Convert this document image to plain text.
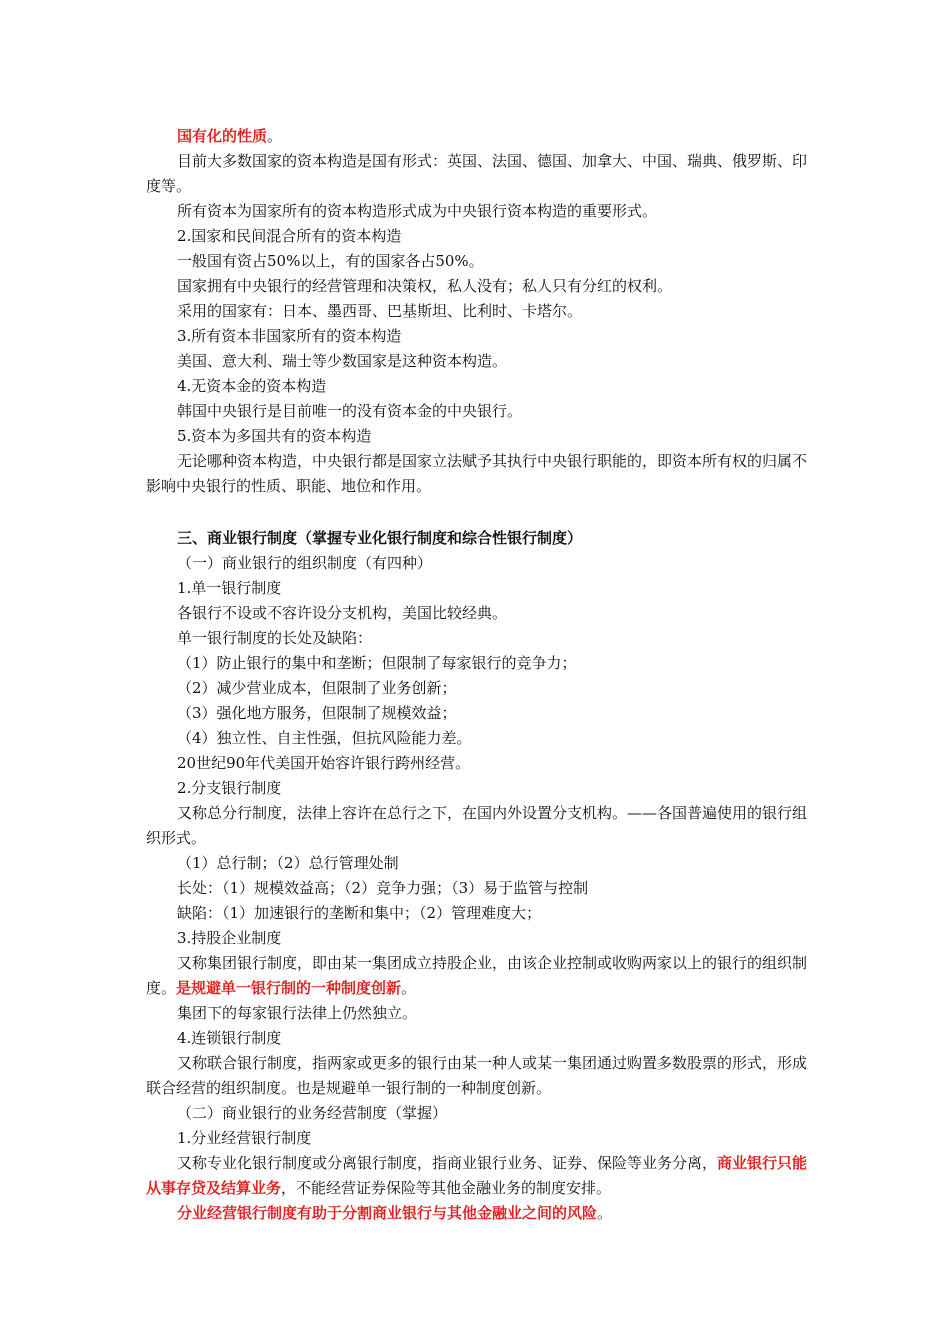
国有化的性质。
目前大多数国家的资本构造是国有形式：英国、法国、德国、加拿大、中国、瑞典、俄罗斯、印度等。
所有资本为国家所有的资本构造形式成为中央银行资本构造的重要形式。
2.国家和民间混合所有的资本构造
一般国有资占50%以上，有的国家各占50%。
国家拥有中央银行的经营管理和决策权，私人没有；私人只有分红的权利。
采用的国家有：日本、墨西哥、巴基斯坦、比利时、卡塔尔。
3.所有资本非国家所有的资本构造
美国、意大利、瑞士等少数国家是这种资本构造。
4.无资本金的资本构造
韩国中央银行是目前唯一的没有资本金的中央银行。
5.资本为多国共有的资本构造
无论哪种资本构造，中央银行都是国家立法赋予其执行中央银行职能的，即资本所有权的归属不影响中央银行的性质、职能、地位和作用。
三、商业银行制度（掌握专业化银行制度和综合性银行制度）
（一）商业银行的组织制度（有四种）
1.单一银行制度
各银行不设或不容许设分支机构，美国比较经典。
单一银行制度的长处及缺陷：
（1）防止银行的集中和垄断；但限制了每家银行的竞争力；
（2）减少营业成本，但限制了业务创新；
（3）强化地方服务，但限制了规模效益；
（4）独立性、自主性强，但抗风险能力差。
20世纪90年代美国开始容许银行跨州经营。
2.分支银行制度
又称总分行制度，法律上容许在总行之下，在国内外设置分支机构。——各国普遍使用的银行组织形式。
（1）总行制；（2）总行管理处制
长处：（1）规模效益高；（2）竞争力强；（3）易于监管与控制
缺陷：（1）加速银行的垄断和集中；（2）管理难度大；
3.持股企业制度
又称集团银行制度，即由某一集团成立持股企业，由该企业控制或收购两家以上的银行的组织制度。是规避单一银行制的一种制度创新。
集团下的每家银行法律上仍然独立。
4.连锁银行制度
又称联合银行制度，指两家或更多的银行由某一种人或某一集团通过购置多数股票的形式，形成联合经营的组织制度。也是规避单一银行制的一种制度创新。
（二）商业银行的业务经营制度（掌握）
1.分业经营银行制度
又称专业化银行制度或分离银行制度，指商业银行业务、证券、保险等业务分离，商业银行只能从事存贷及结算业务，不能经营证券保险等其他金融业务的制度安排。
分业经营银行制度有助于分割商业银行与其他金融业之间的风险。
